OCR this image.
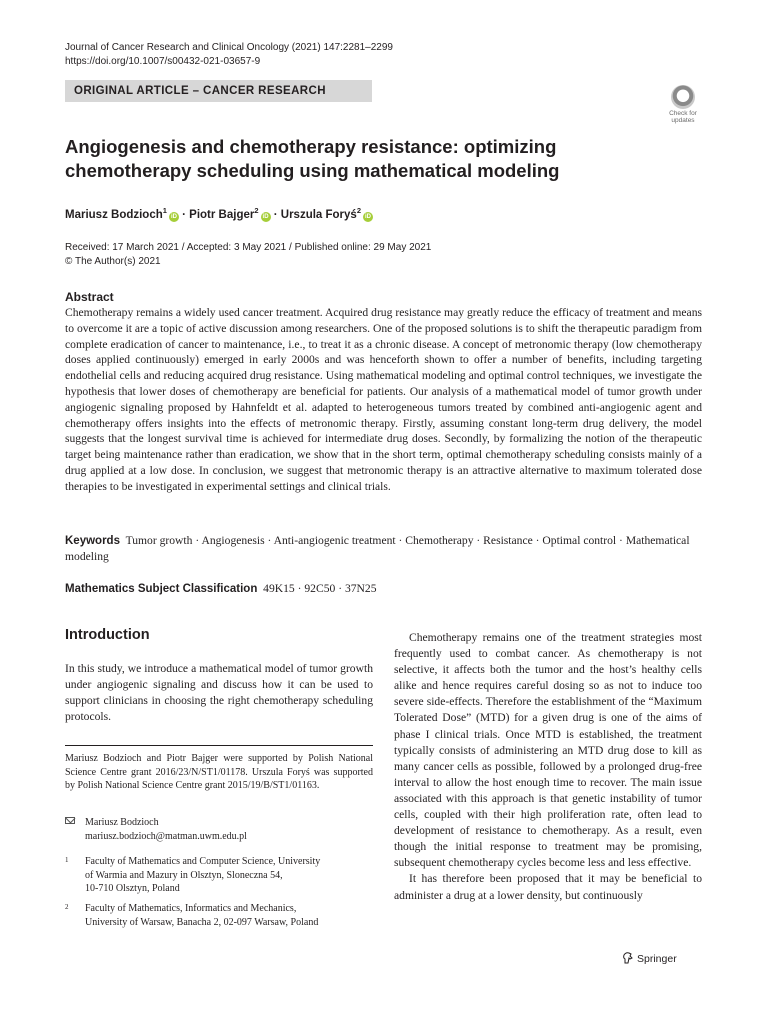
Journal of Cancer Research and Clinical Oncology (2021) 147:2281–2299
https://doi.org/10.1007/s00432-021-03657-9
ORIGINAL ARTICLE – CANCER RESEARCH
Check for
updates
Angiogenesis and chemotherapy resistance: optimizing chemotherapy scheduling using mathematical modeling
Mariusz Bodzioch$^1$iD · Piotr Bajger$^2$iD · Urszula Foryś$^2$iD
Received: 17 March 2021 / Accepted: 3 May 2021 / Published online: 29 May 2021
© The Author(s) 2021
Abstract
Chemotherapy remains a widely used cancer treatment. Acquired drug resistance may greatly reduce the efficacy of treatment and means to overcome it are a topic of active discussion among researchers. One of the proposed solutions is to shift the therapeutic paradigm from complete eradication of cancer to maintenance, i.e., to treat it as a chronic disease. A concept of metronomic therapy (low chemotherapy doses applied continuously) emerged in early 2000s and was henceforth shown to offer a number of benefits, including targeting endothelial cells and reducing acquired drug resistance. Using mathematical modeling and optimal control techniques, we investigate the hypothesis that lower doses of chemotherapy are beneficial for patients. Our analysis of a mathematical model of tumor growth under angiogenic signaling proposed by Hahnfeldt et al. adapted to heterogeneous tumors treated by combined anti-angiogenic agent and chemotherapy offers insights into the effects of metronomic therapy. Firstly, assuming constant long-term drug delivery, the model suggests that the longest survival time is achieved for intermediate drug doses. Secondly, by formalizing the notion of the therapeutic target being maintenance rather than eradication, we show that in the short term, optimal chemotherapy scheduling consists mainly of a drug applied at a low dose. In conclusion, we suggest that metronomic therapy is an attractive alternative to maximum tolerated dose therapies to be investigated in experimental settings and clinical trials.
Keywords Tumor growth · Angiogenesis · Anti-angiogenic treatment · Chemotherapy · Resistance · Optimal control · Mathematical modeling
Mathematics Subject Classification 49K15 · 92C50 · 37N25
Introduction
In this study, we introduce a mathematical model of tumor growth under angiogenic signaling and discuss how it can be used to support clinicians in choosing the right chemotherapy scheduling protocols.
Mariusz Bodzioch and Piotr Bajger were supported by Polish National Science Centre grant 2016/23/N/ST1/01178. Urszula Foryś was supported by Polish National Science Centre grant 2015/19/B/ST1/01163.
Mariusz Bodzioch
mariusz.bodzioch@matman.uwm.edu.pl
1 Faculty of Mathematics and Computer Science, University
of Warmia and Mazury in Olsztyn, Sloneczna 54,
10-710 Olsztyn, Poland
2 Faculty of Mathematics, Informatics and Mechanics,
University of Warsaw, Banacha 2, 02-097 Warsaw, Poland

Chemotherapy remains one of the treatment strategies most frequently used to combat cancer. As chemotherapy is not selective, it affects both the tumor and the host’s healthy cells alike and hence requires careful dosing so as not to induce too severe side-effects. Therefore the establishment of the “Maximum Tolerated Dose” (MTD) for a given drug is one of the aims of phase I clinical trials. Once MTD is established, the treatment typically consists of administering an MTD drug dose to kill as many cancer cells as possible, followed by a prolonged drug-free interval to allow the host enough time to recover. The main issue associated with this approach is that genetic instability of tumor cells, coupled with their high proliferation rate, often lead to development of resistance to chemotherapy. As a result, even though the initial response to treatment may be promising, subsequent chemotherapy cycles become less and less effective.

It has therefore been proposed that it may be beneficial to administer a drug at a lower density, but continuously

Springer
